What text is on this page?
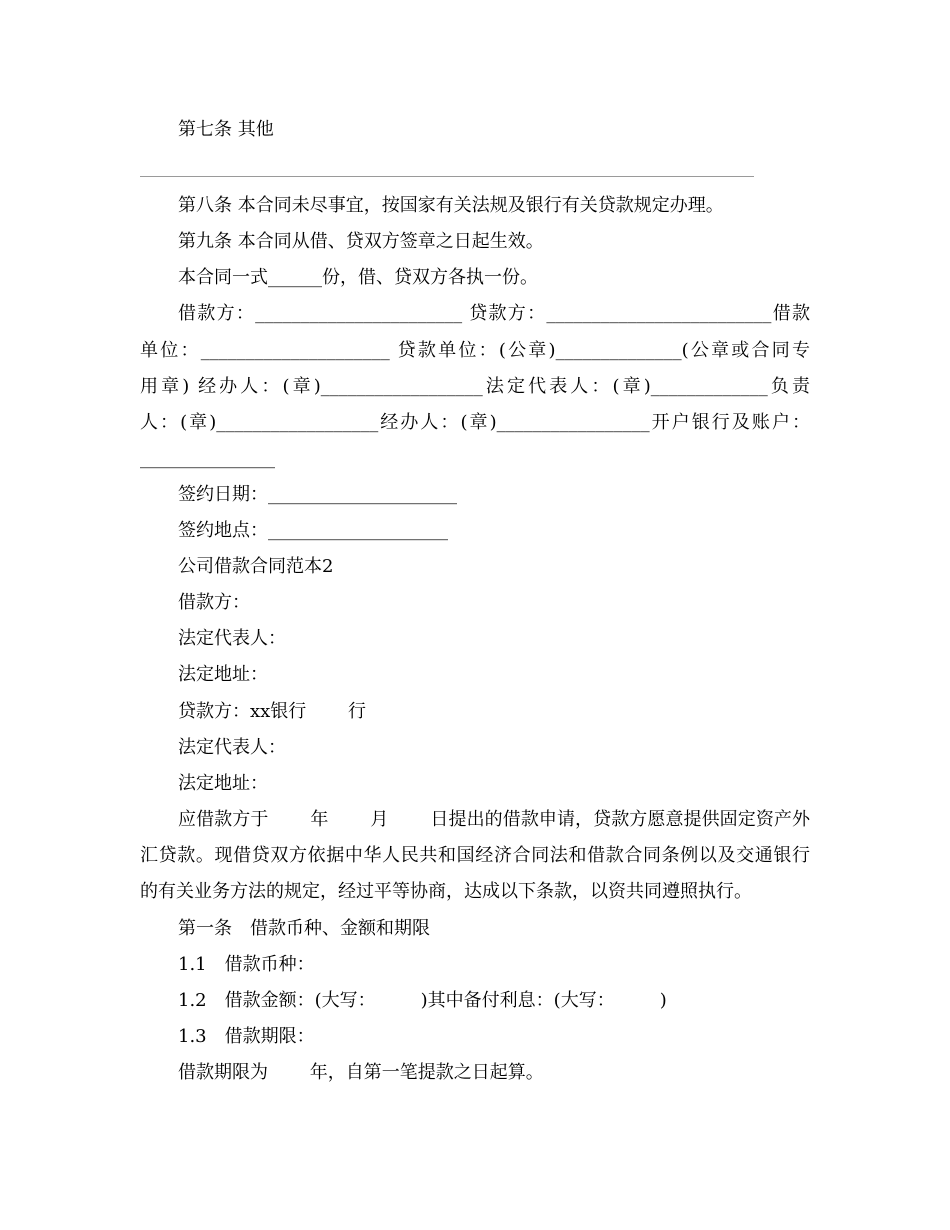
第七条 其他
第八条 本合同未尽事宜，按国家有关法规及银行有关贷款规定办理。
第九条 本合同从借、贷双方签章之日起生效。
本合同一式______份，借、贷双方各执一份。
借款方：_______________________ 贷款方：_________________________借款
单位：_____________________ 贷款单位：(公章)______________(公章或合同专
用章) 经办人：(章)__________________法定代表人：(章)_____________负责
人：(章)__________________经办人：(章)_________________开户银行及账户：
_______________
签约日期：_____________________
签约地点：____________________
公司借款合同范本2
借款方：
法定代表人：
法定地址：
贷款方：xx银行　　 行
法定代表人：
法定地址：
应借款方于　　 年　　 月　　 日提出的借款申请，贷款方愿意提供固定资产外
汇贷款。现借贷双方依据中华人民共和国经济合同法和借款合同条例以及交通银行
的有关业务方法的规定，经过平等协商，达成以下条款，以资共同遵照执行。
第一条　借款币种、金额和期限
1.1　借款币种：
1.2　借款金额：(大写：　　　)其中备付利息：(大写：　　　)
1.3　借款期限：
借款期限为　　 年，自第一笔提款之日起算。
